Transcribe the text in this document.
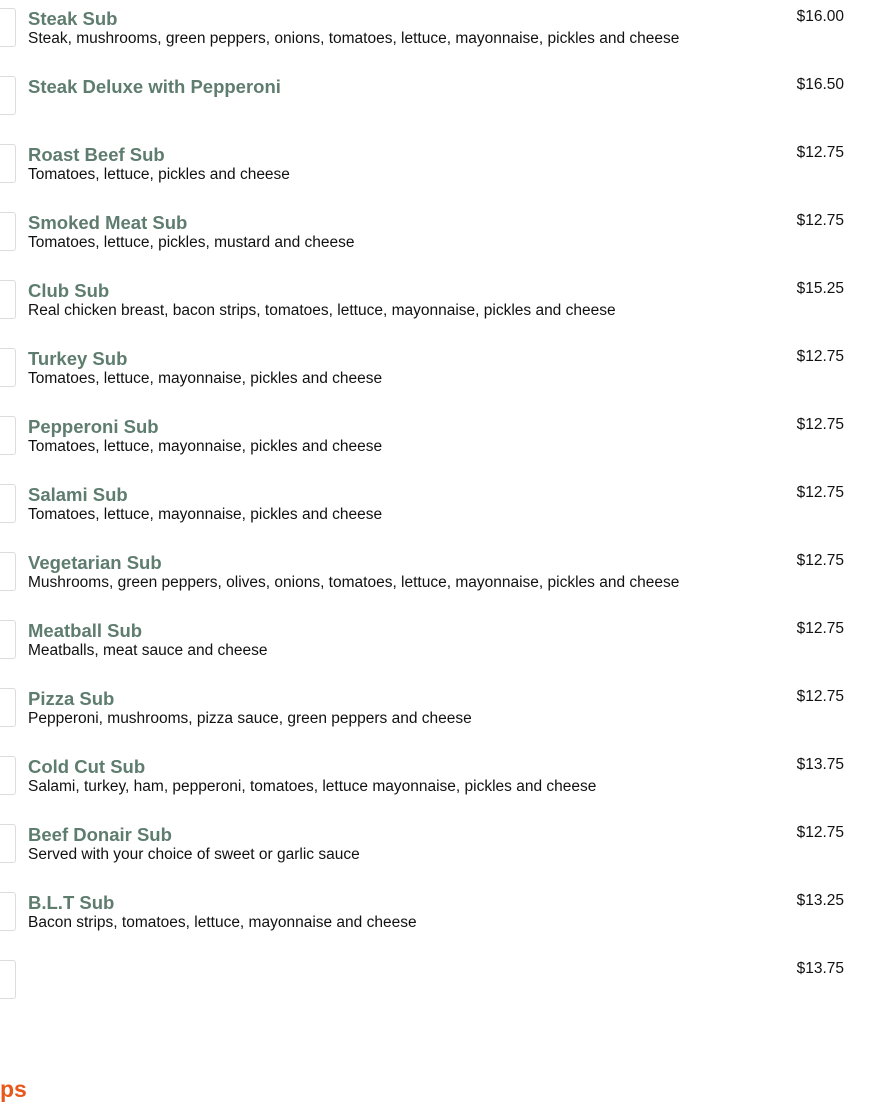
Steak Sub
Steak, mushrooms, green peppers, onions, tomatoes, lettuce, mayonnaise, pickles and cheese
$16.00
Steak Deluxe with Pepperoni	$16.50
Roast Beef Sub
Tomatoes, lettuce, pickles and cheese
$12.75
Smoked Meat Sub
Tomatoes, lettuce, pickles, mustard and cheese
$12.75
Club Sub
Real chicken breast, bacon strips, tomatoes, lettuce, mayonnaise, pickles and cheese
$15.25
Turkey Sub
Tomatoes, lettuce, mayonnaise, pickles and cheese
$12.75
Pepperoni Sub
Tomatoes, lettuce, mayonnaise, pickles and cheese
$12.75
Salami Sub
Tomatoes, lettuce, mayonnaise, pickles and cheese
$12.75
Vegetarian Sub
Mushrooms, green peppers, olives, onions, tomatoes, lettuce, mayonnaise, pickles and cheese
$12.75
Meatball Sub
Meatballs, meat sauce and cheese
$12.75
Pizza Sub
Pepperoni, mushrooms, pizza sauce, green peppers and cheese
$12.75
Cold Cut Sub
Salami, turkey, ham, pepperoni, tomatoes, lettuce mayonnaise, pickles and cheese
$13.75
Beef Donair Sub
Served with your choice of sweet or garlic sauce
$12.75
B.L.T Sub
Bacon strips, tomatoes, lettuce, mayonnaise and cheese
$13.25
$13.75
ps
